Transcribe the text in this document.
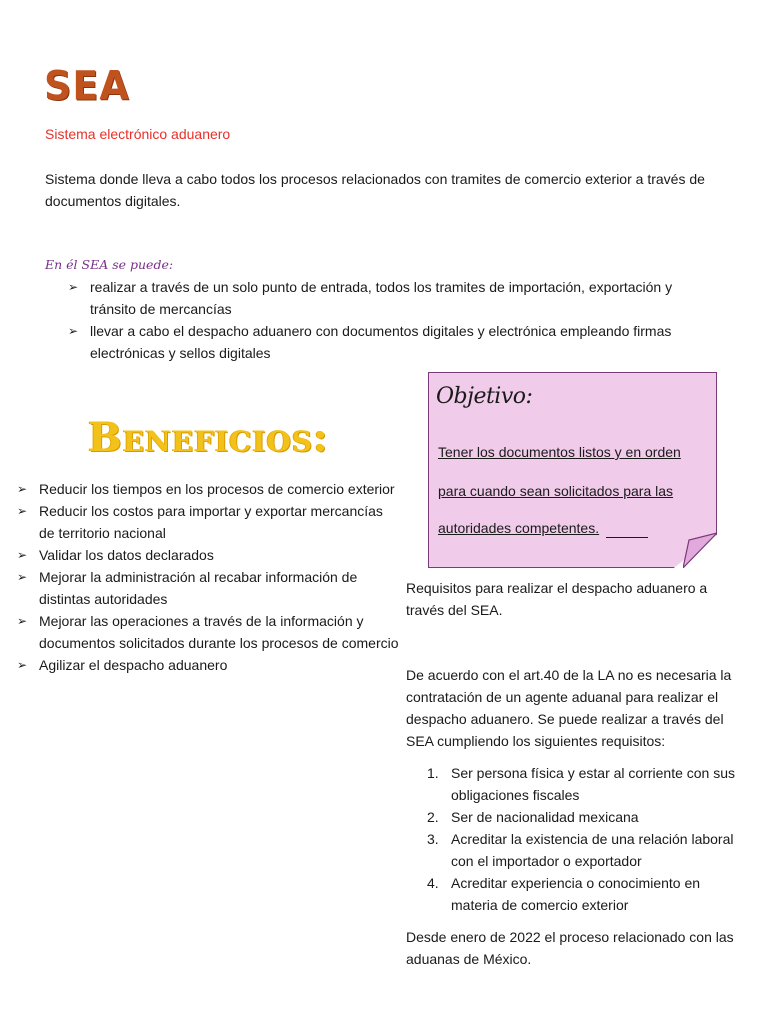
SEA
Sistema electrónico aduanero
Sistema donde lleva a cabo todos los procesos relacionados con tramites de comercio exterior a través de documentos digitales.
En él SEA se puede:
➢ realizar a través de un solo punto de entrada, todos los tramites de importación, exportación y tránsito de mercancías
➢ llevar a cabo el despacho aduanero con documentos digitales y electrónica empleando firmas electrónicas y sellos digitales
Beneficios:
➢ Reducir los tiempos en los procesos de comercio exterior
➢ Reducir los costos para importar y exportar mercancías de territorio nacional
➢ Validar los datos declarados
➢ Mejorar la administración al recabar información de distintas autoridades
➢ Mejorar las operaciones a través de la información y documentos solicitados durante los procesos de comercio
➢ Agilizar el despacho aduanero
Objetivo:
Tener los documentos listos y en orden
para cuando sean solicitados para las
autoridades competentes.
Requisitos para realizar el despacho aduanero a través del SEA.
De acuerdo con el art.40 de la LA no es necesaria la contratación de un agente aduanal para realizar el despacho aduanero. Se puede realizar a través del SEA cumpliendo los siguientes requisitos:
1. Ser persona física y estar al corriente con sus obligaciones fiscales
2. Ser de nacionalidad mexicana
3. Acreditar la existencia de una relación laboral con el importador o exportador
4. Acreditar experiencia o conocimiento en materia de comercio exterior
Desde enero de 2022 el proceso relacionado con las aduanas de México.
